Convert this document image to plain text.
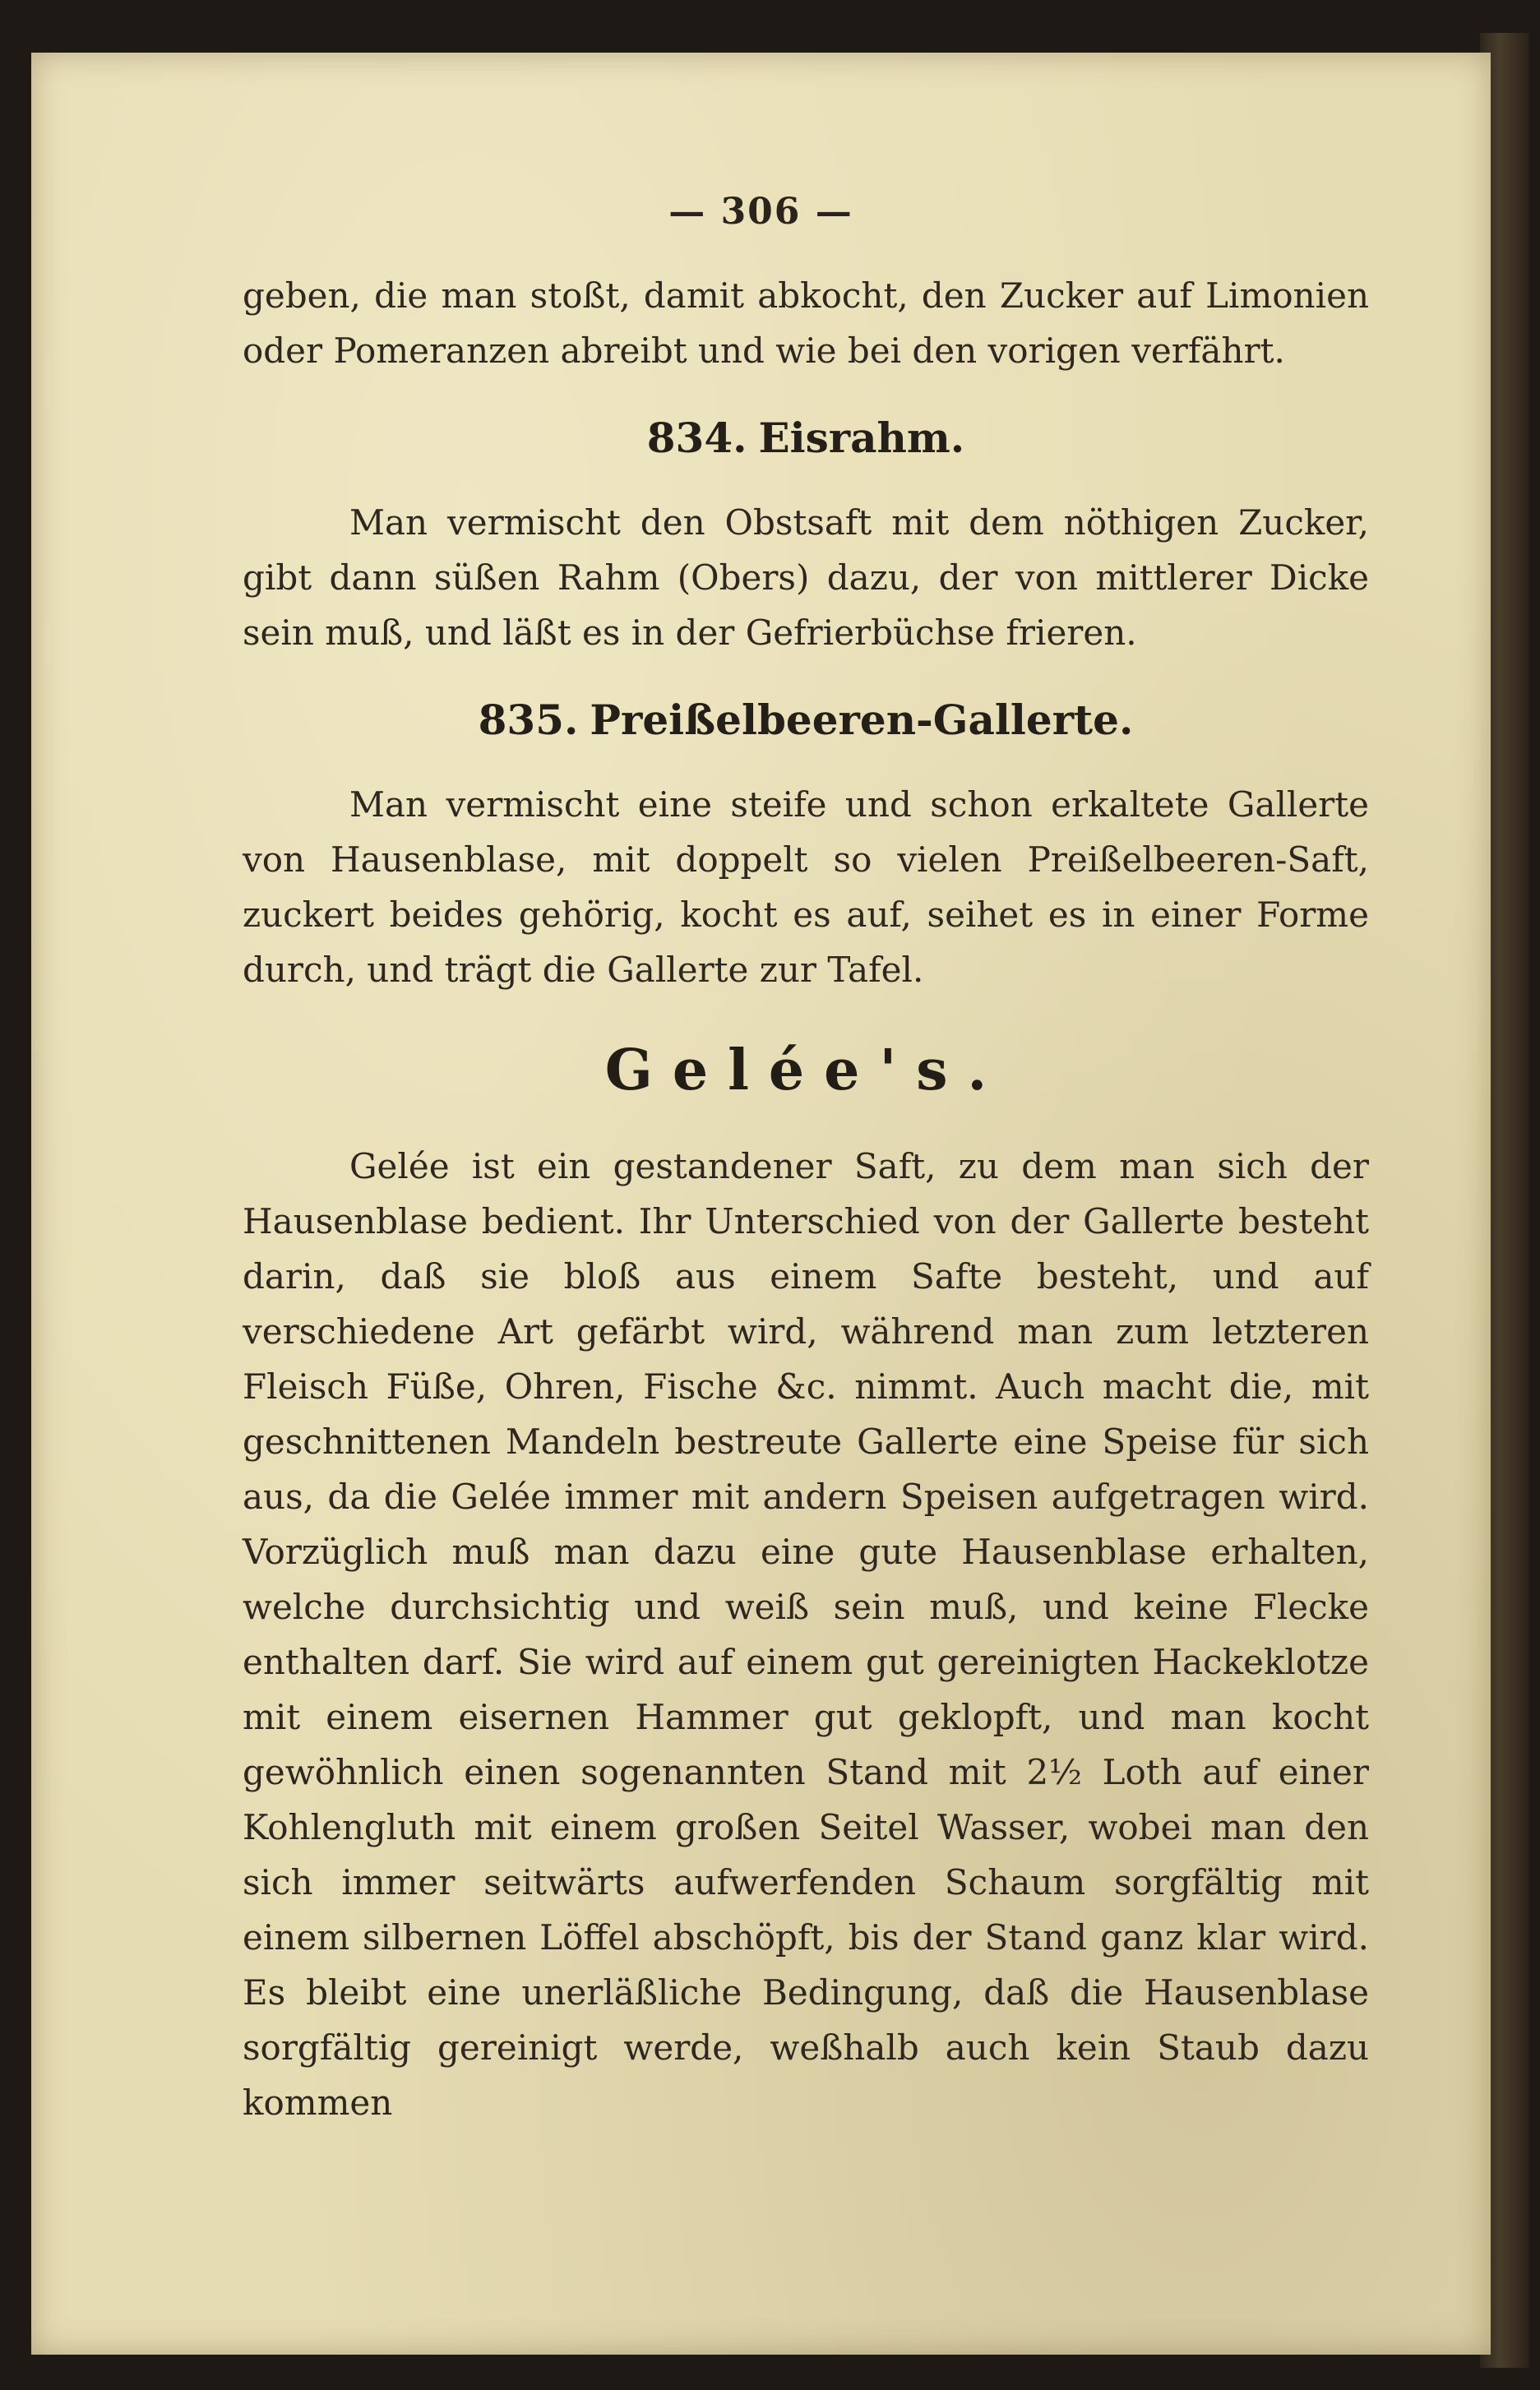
— 306 —

geben, die man stoßt, damit abkocht, den Zucker auf Limonien oder Pomeranzen abreibt und wie bei den vorigen verfährt.

834. Eisrahm.

Man vermischt den Obstsaft mit dem nöthigen Zucker, gibt dann süßen Rahm (Obers) dazu, der von mittlerer Dicke sein muß, und läßt es in der Gefrierbüchse frieren.

835. Preißelbeeren-Gallerte.

Man vermischt eine steife und schon erkaltete Gallerte von Hausenblase, mit doppelt so vielen Preißelbeeren-Saft, zuckert beides gehörig, kocht es auf, seihet es in einer Forme durch, und trägt die Gallerte zur Tafel.

Gelée's.

Gelée ist ein gestandener Saft, zu dem man sich der Hausenblase bedient. Ihr Unterschied von der Gallerte besteht darin, daß sie bloß aus einem Safte besteht, und auf verschiedene Art gefärbt wird, während man zum letzteren Fleisch Füße, Ohren, Fische &c. nimmt. Auch macht die, mit geschnittenen Mandeln bestreute Gallerte eine Speise für sich aus, da die Gelée immer mit andern Speisen aufgetragen wird. Vorzüglich muß man dazu eine gute Hausenblase erhalten, welche durchsichtig und weiß sein muß, und keine Flecke enthalten darf. Sie wird auf einem gut gereinigten Hackeklotze mit einem eisernen Hammer gut geklopft, und man kocht gewöhnlich einen sogenannten Stand mit 2½ Loth auf einer Kohlengluth mit einem großen Seitel Wasser, wobei man den sich immer seitwärts aufwerfenden Schaum sorgfältig mit einem silbernen Löffel abschöpft, bis der Stand ganz klar wird. Es bleibt eine unerläßliche Bedingung, daß die Hausenblase sorgfältig gereinigt werde, weßhalb auch kein Staub dazu kommen
